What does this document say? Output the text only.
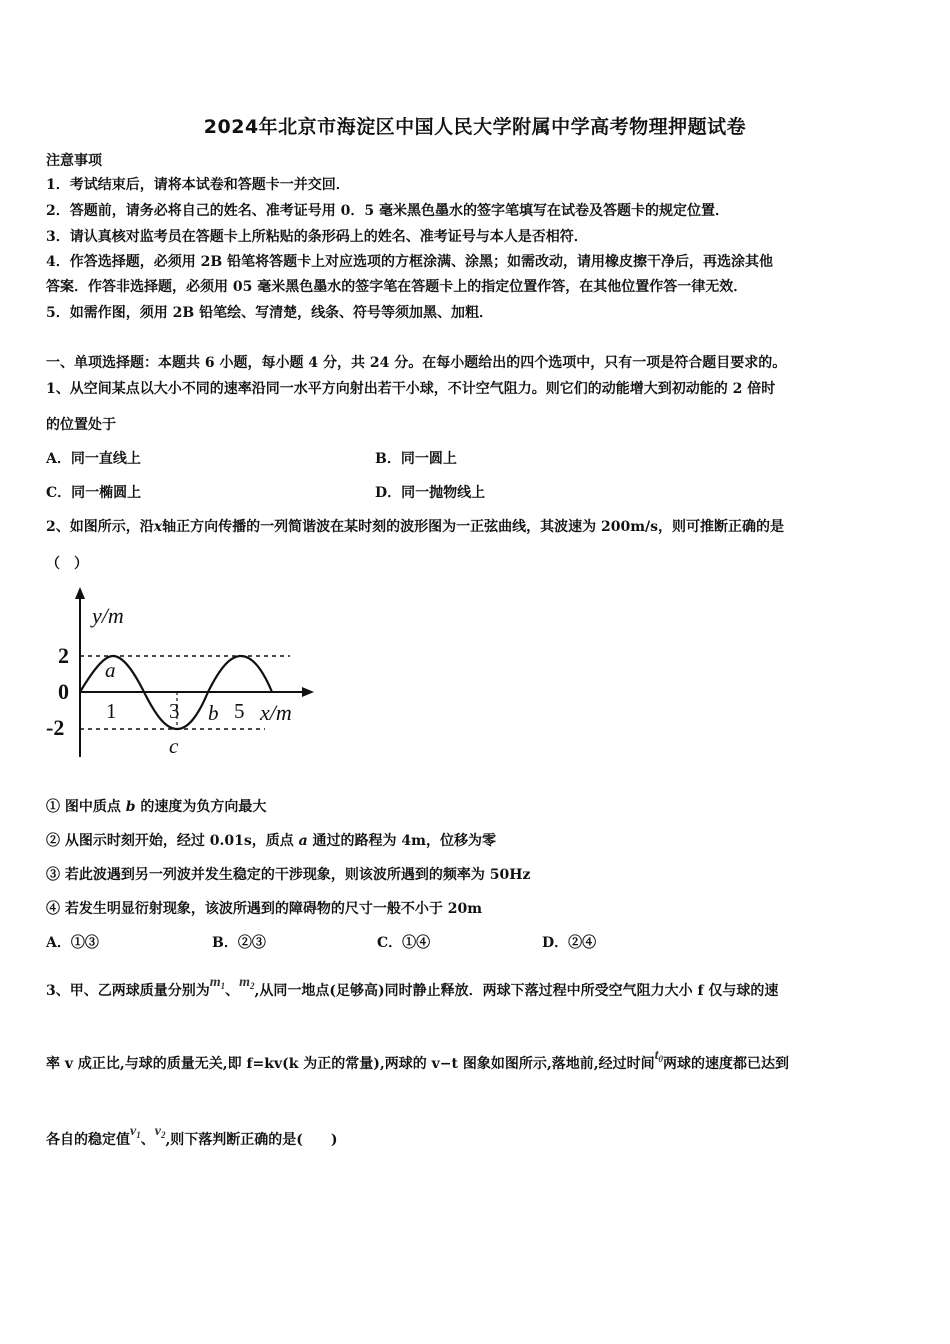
2024年北京市海淀区中国人民大学附属中学高考物理押题试卷
注意事项
1．考试结束后，请将本试卷和答题卡一并交回．
2．答题前，请务必将自己的姓名、准考证号用 0．5 毫米黑色墨水的签字笔填写在试卷及答题卡的规定位置．
3．请认真核对监考员在答题卡上所粘贴的条形码上的姓名、准考证号与本人是否相符．
4．作答选择题，必须用 2B 铅笔将答题卡上对应选项的方框涂满、涂黑；如需改动，请用橡皮擦干净后，再选涂其他
答案．作答非选择题，必须用 05 毫米黑色墨水的签字笔在答题卡上的指定位置作答，在其他位置作答一律无效．
5．如需作图，须用 2B 铅笔绘、写清楚，线条、符号等须加黑、加粗．
一、单项选择题：本题共 6 小题，每小题 4 分，共 24 分。在每小题给出的四个选项中，只有一项是符合题目要求的。
1、从空间某点以大小不同的速率沿同一水平方向射出若干小球，不计空气阻力。则它们的动能增大到初动能的 2 倍时
的位置处于
A．同一直线上	B．同一圆上
C．同一椭圆上	D．同一抛物线上
2、如图所示，沿x轴正方向传播的一列简谐波在某时刻的波形图为一正弦曲线，其波速为 200m/s，则可推断正确的是
（　）
2
0
-2
1	3	5
y/m
x/m
a
b
c
① 图中质点 b 的速度为负方向最大
② 从图示时刻开始，经过 0.01s，质点 a 通过的路程为 4m，位移为零
③ 若此波遇到另一列波并发生稳定的干涉现象，则该波所遇到的频率为 50Hz
④ 若发生明显衍射现象，该波所遇到的障碍物的尺寸一般不小于 20m
A．①③	B．②③	C．①④	D．②④
3、甲、乙两球质量分别为$m_1$、$m_2$,从同一地点(足够高)同时静止释放．两球下落过程中所受空气阻力大小 f 仅与球的速
率 v 成正比,与球的质量无关,即 f=kv(k 为正的常量),两球的 v−t 图象如图所示,落地前,经过时间$t_0$两球的速度都已达到
各自的稳定值$v_1$、$v_2$,则下落判断正确的是(　　)
